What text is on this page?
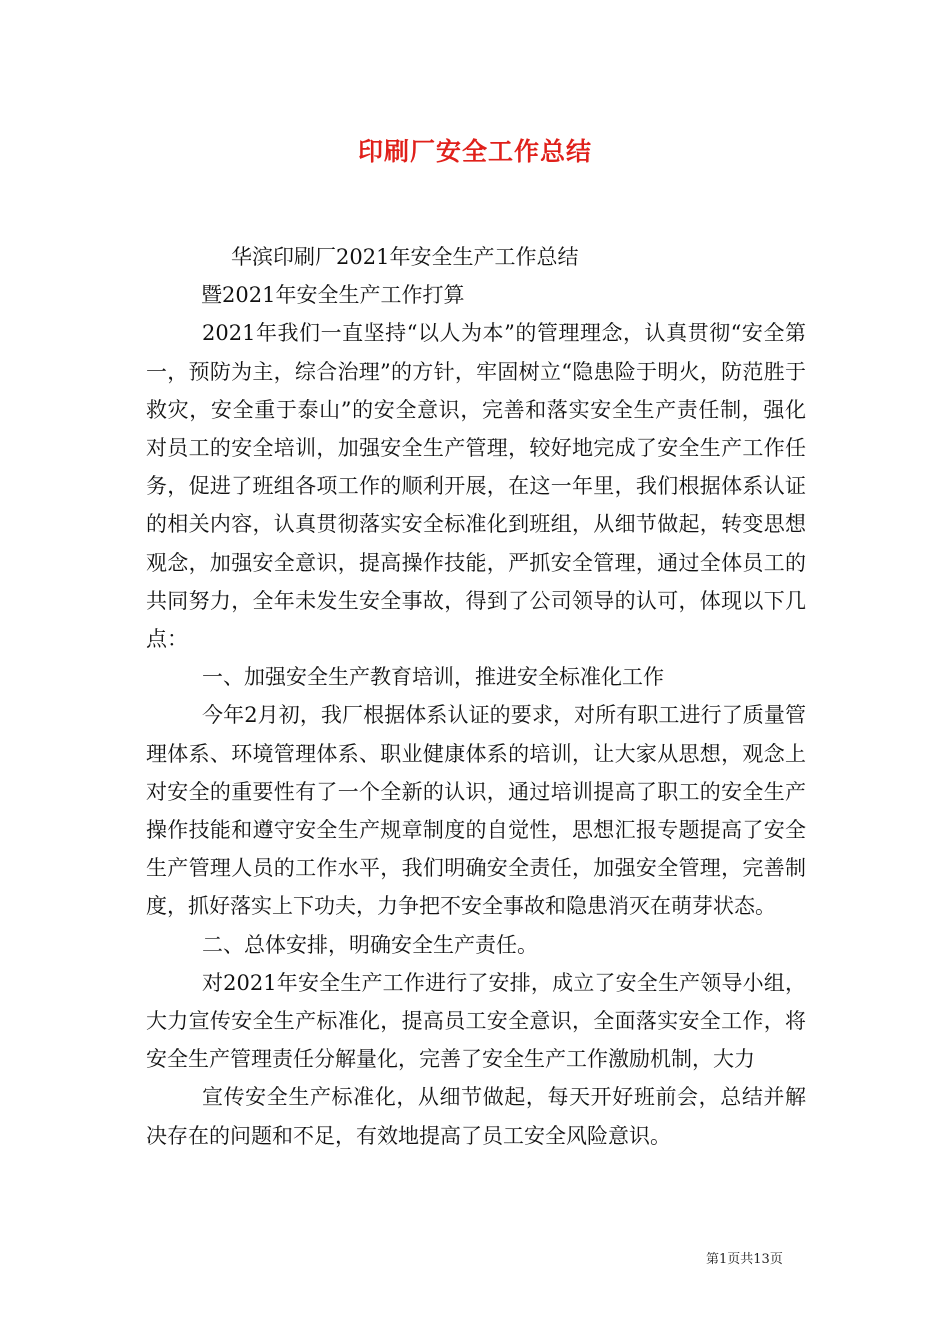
印刷厂安全工作总结

华滨印刷厂2021年安全生产工作总结

暨2021年安全生产工作打算

2021年我们一直坚持“以人为本”的管理理念，认真贯彻“安全第一，预防为主，综合治理”的方针，牢固树立“隐患险于明火，防范胜于救灾，安全重于泰山”的安全意识，完善和落实安全生产责任制，强化对员工的安全培训，加强安全生产管理，较好地完成了安全生产工作任务，促进了班组各项工作的顺利开展，在这一年里，我们根据体系认证的相关内容，认真贯彻落实安全标准化到班组，从细节做起，转变思想观念，加强安全意识，提高操作技能，严抓安全管理，通过全体员工的共同努力，全年未发生安全事故，得到了公司领导的认可，体现以下几点：

一、加强安全生产教育培训，推进安全标准化工作

今年2月初，我厂根据体系认证的要求，对所有职工进行了质量管理体系、环境管理体系、职业健康体系的培训，让大家从思想，观念上对安全的重要性有了一个全新的认识，通过培训提高了职工的安全生产操作技能和遵守安全生产规章制度的自觉性，思想汇报专题提高了安全生产管理人员的工作水平，我们明确安全责任，加强安全管理，完善制度，抓好落实上下功夫，力争把不安全事故和隐患消灭在萌芽状态。

二、总体安排，明确安全生产责任。

对2021年安全生产工作进行了安排，成立了安全生产领导小组，大力宣传安全生产标准化，提高员工安全意识，全面落实安全工作，将安全生产管理责任分解量化，完善了安全生产工作激励机制，大力

宣传安全生产标准化，从细节做起，每天开好班前会，总结并解决存在的问题和不足，有效地提高了员工安全风险意识。

第1页共13页
